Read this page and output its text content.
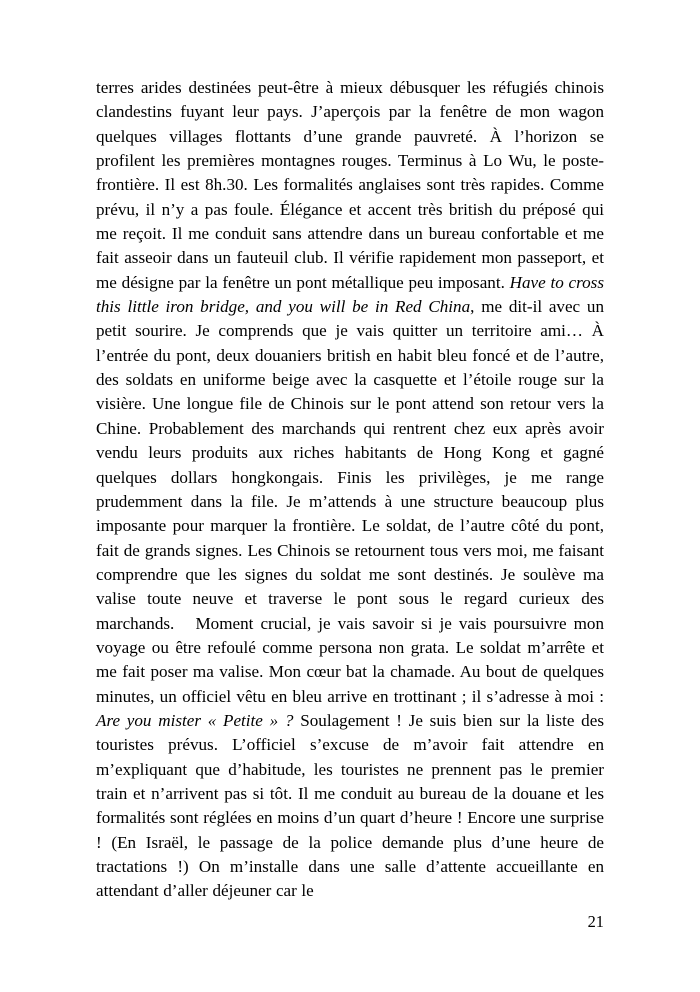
terres arides destinées peut-être à mieux débusquer les réfugiés chinois clandestins fuyant leur pays. J’aperçois par la fenêtre de mon wagon quelques villages flottants d’une grande pauvreté. À l’horizon se profilent les premières montagnes rouges. Terminus à Lo Wu, le poste-frontière. Il est 8h.30. Les formalités anglaises sont très rapides. Comme prévu, il n’y a pas foule. Élégance et accent très british du préposé qui me reçoit. Il me conduit sans attendre dans un bureau confortable et me fait asseoir dans un fauteuil club. Il vérifie rapidement mon passeport, et me désigne par la fenêtre un pont métallique peu imposant. Have to cross this little iron bridge, and you will be in Red China, me dit-il avec un petit sourire. Je comprends que je vais quitter un territoire ami… À l’entrée du pont, deux douaniers british en habit bleu foncé et de l’autre, des soldats en uniforme beige avec la casquette et l’étoile rouge sur la visière. Une longue file de Chinois sur le pont attend son retour vers la Chine. Probablement des marchands qui rentrent chez eux après avoir vendu leurs produits aux riches habitants de Hong Kong et gagné quelques dollars hongkongais. Finis les privilèges, je me range prudemment dans la file. Je m’attends à une structure beaucoup plus imposante pour marquer la frontière. Le soldat, de l’autre côté du pont, fait de grands signes. Les Chinois se retournent tous vers moi, me faisant comprendre que les signes du soldat me sont destinés. Je soulève ma valise toute neuve et traverse le pont sous le regard curieux des marchands. Moment crucial, je vais savoir si je vais poursuivre mon voyage ou être refoulé comme persona non grata. Le soldat m’arrête et me fait poser ma valise. Mon cœur bat la chamade. Au bout de quelques minutes, un officiel vêtu en bleu arrive en trottinant ; il s’adresse à moi : Are you mister « Petite » ? Soulagement ! Je suis bien sur la liste des touristes prévus. L’officiel s’excuse de m’avoir fait attendre en m’expliquant que d’habitude, les touristes ne prennent pas le premier train et n’arrivent pas si tôt. Il me conduit au bureau de la douane et les formalités sont réglées en moins d’un quart d’heure ! Encore une surprise ! (En Israël, le passage de la police demande plus d’une heure de tractations !) On m’installe dans une salle d’attente accueillante en attendant d’aller déjeuner car le

21
